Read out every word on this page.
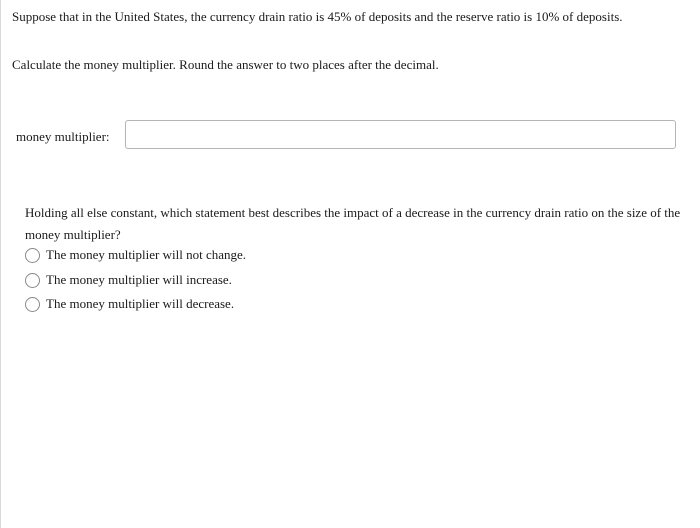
Suppose that in the United States, the currency drain ratio is 45% of deposits and the reserve ratio is 10% of deposits.
Calculate the money multiplier. Round the answer to two places after the decimal.
money multiplier:
Holding all else constant, which statement best describes the impact of a decrease in the currency drain ratio on the size of the money multiplier?
The money multiplier will not change.
The money multiplier will increase.
The money multiplier will decrease.
